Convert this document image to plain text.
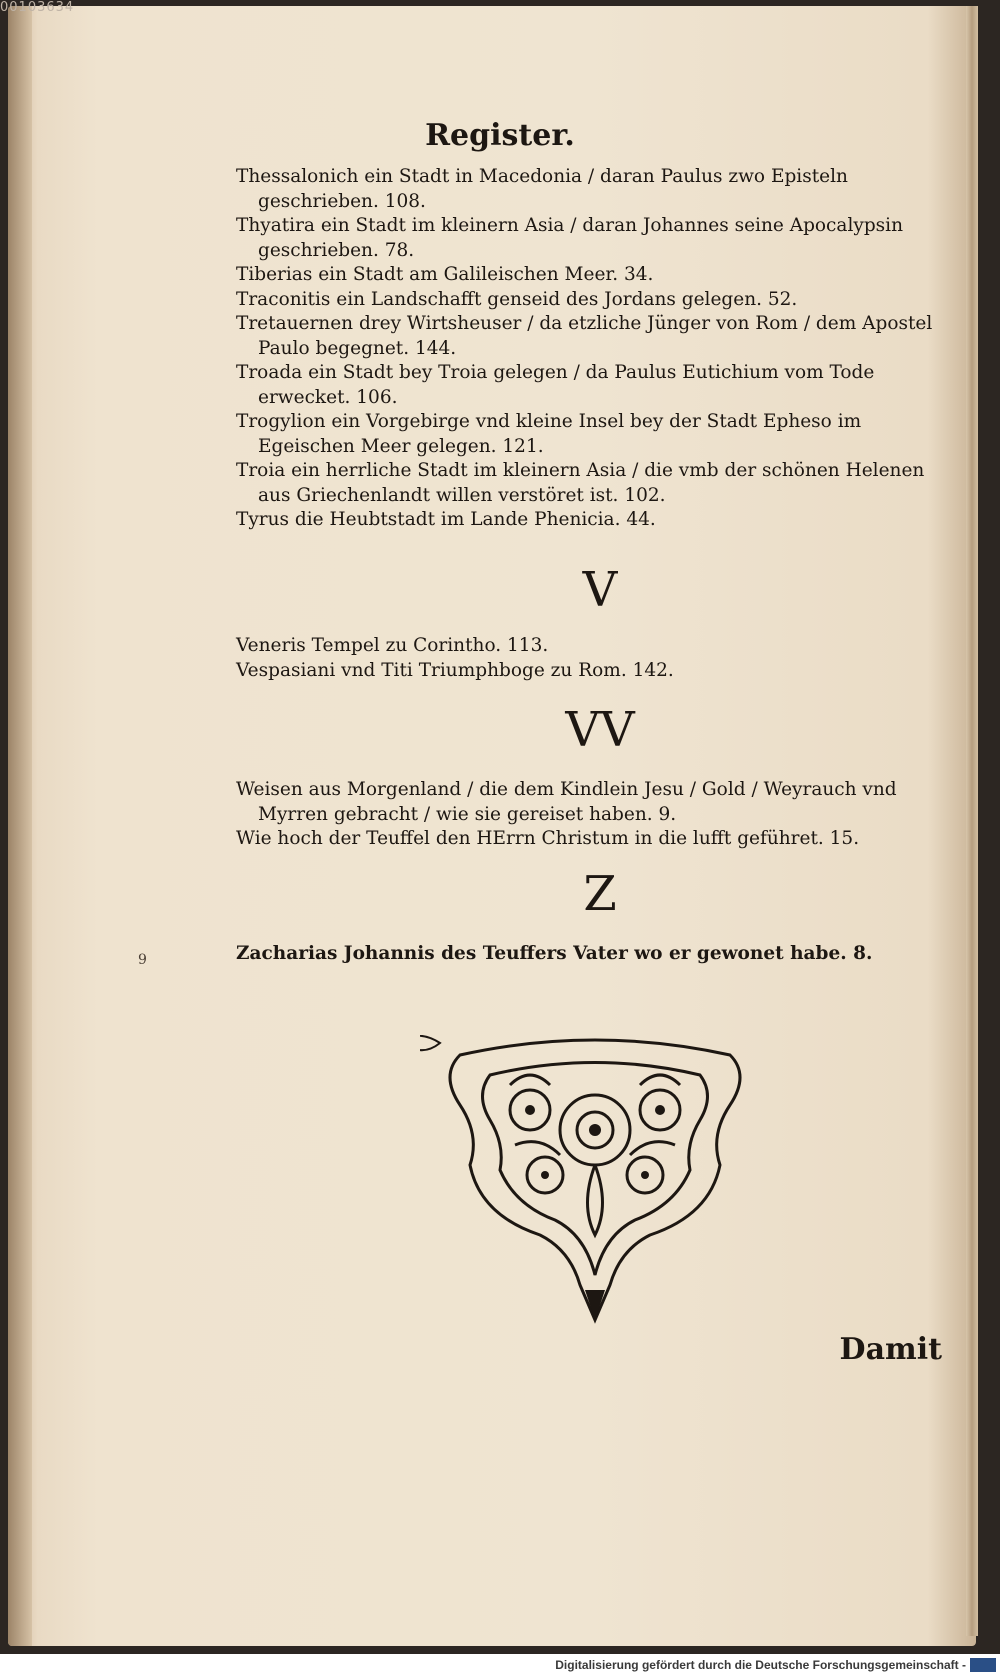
00103634
Register.

Thessalonich ein Stadt in Macedonia / daran Paulus zwo Episteln geschrieben. 108.

Thyatira ein Stadt im kleinern Asia / daran Johannes seine Apocalypsin geschrieben. 78.

Tiberias ein Stadt am Galileischen Meer. 34.

Traconitis ein Landschafft genseid des Jordans gelegen. 52.

Tretauernen drey Wirtsheuser / da etzliche Jünger von Rom / dem Apostel Paulo begegnet. 144.

Troada ein Stadt bey Troia gelegen / da Paulus Eutichium vom Tode erwecket. 106.

Trogylion ein Vorgebirge vnd kleine Insel bey der Stadt Epheso im Egeischen Meer gelegen. 121.

Troia ein herrliche Stadt im kleinern Asia / die vmb der schönen Helenen aus Griechenlandt willen verstöret ist. 102.

Tyrus die Heubtstadt im Lande Phenicia. 44.

V

Veneris Tempel zu Corintho. 113.

Vespasiani vnd Titi Triumphboge zu Rom. 142.

VV

Weisen aus Morgenland / die dem Kindlein Jesu / Gold / Weyrauch vnd Myrren gebracht / wie sie gereiset haben. 9.

Wie hoch der Teuffel den HErrn Christum in die lufft geführet. 15.

Z

Zacharias Johannis des Teuffers Vater wo er gewonet habe. 8.

9
Damit
Digitalisierung gefördert durch die Deutsche Forschungsgemeinschaft -
